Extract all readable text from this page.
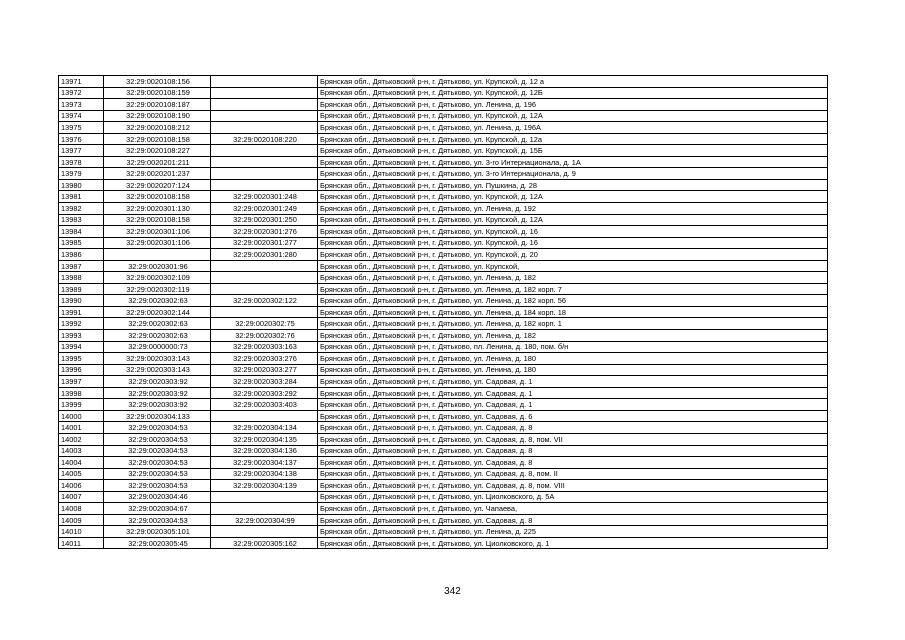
13971	32:29:0020108:156		Брянская обл., Дятьковский р-н, г. Дятьково, ул. Крупской, д. 12 а
13972	32:29:0020108:159		Брянская обл., Дятьковский р-н, г. Дятьково, ул. Крупской, д. 12Б
13973	32:29:0020108:187		Брянская обл., Дятьковский р-н, г. Дятьково, ул. Ленина, д. 196
13974	32:29:0020108:190		Брянская обл., Дятьковский р-н, г. Дятьково, ул. Крупской, д. 12А
13975	32:29:0020108:212		Брянская обл., Дятьковский р-н, г. Дятьково, ул. Ленина, д. 196А
13976	32:29:0020108:158	32:29:0020108:220	Брянская обл., Дятьковский р-н, г. Дятьково, ул. Крупской, д. 12а
13977	32:29:0020108:227		Брянская обл., Дятьковский р-н, г. Дятьково, ул. Крупской, д. 15Б
13978	32:29:0020201:211		Брянская обл., Дятьковский р-н, г. Дятьково, ул. 3-го Интернационала, д. 1А
13979	32:29:0020201:237		Брянская обл., Дятьковский р-н, г. Дятьково, ул. 3-го Интернационала, д. 9
13980	32:29:0020207:124		Брянская обл., Дятьковский р-н, г. Дятьково, ул. Пушкина, д. 28
13981	32:29:0020108:158	32:29:0020301:248	Брянская обл., Дятьковский р-н, г. Дятьково, ул. Крупской, д. 12А
13982	32:29:0020301:130	32:29:0020301:249	Брянская обл., Дятьковский р-н, г. Дятьково, ул. Ленина, д. 192
13983	32:29:0020108:158	32:29:0020301:250	Брянская обл., Дятьковский р-н, г. Дятьково, ул. Крупской, д. 12А
13984	32:29:0020301:106	32:29:0020301:276	Брянская обл., Дятьковский р-н, г. Дятьково, ул. Крупской, д. 16
13985	32:29:0020301:106	32:29:0020301:277	Брянская обл., Дятьковский р-н, г. Дятьково, ул. Крупской, д. 16
13986		32:29:0020301:280	Брянская обл., Дятьковский р-н, г. Дятьково, ул. Крупской, д. 20
13987	32:29:0020301:96		Брянская обл., Дятьковский р-н, г. Дятьково, ул. Крупской,
13988	32:29:0020302:109		Брянская обл., Дятьковский р-н, г. Дятьково, ул. Ленина, д. 182
13989	32:29:0020302:119		Брянская обл., Дятьковский р-н, г. Дятьково, ул. Ленина, д. 182 корп. 7
13990	32:29:0020302:63	32:29:0020302:122	Брянская обл., Дятьковский р-н, г. Дятьково, ул. Ленина, д. 182 корп. 56
13991	32:29:0020302:144		Брянская обл., Дятьковский р-н, г. Дятьково, ул. Ленина, д. 184 корп. 18
13992	32:29:0020302:63	32:29:0020302:75	Брянская обл., Дятьковский р-н, г. Дятьково, ул. Ленина, д. 182 корп. 1
13993	32:29:0020302:63	32:29:0020302:76	Брянская обл., Дятьковский р-н, г. Дятьково, ул. Ленина, д. 182
13994	32:29:0000000:73	32:29:0020303:163	Брянская обл., Дятьковский р-н, г. Дятьково, пл. Ленина, д. 180, пом. б/н
13995	32:29:0020303:143	32:29:0020303:276	Брянская обл., Дятьковский р-н, г. Дятьково, ул. Ленина, д. 180
13996	32:29:0020303:143	32:29:0020303:277	Брянская обл., Дятьковский р-н, г. Дятьково, ул. Ленина, д. 180
13997	32:29:0020303:92	32:29:0020303:284	Брянская обл., Дятьковский р-н, г. Дятьково, ул. Садовая, д. 1
13998	32:29:0020303:92	32:29:0020303:292	Брянская обл., Дятьковский р-н, г. Дятьково, ул. Садовая, д. 1
13999	32:29:0020303:92	32:29:0020303:403	Брянская обл., Дятьковский р-н, г. Дятьково, ул. Садовая, д. 1
14000	32:29:0020304:133		Брянская обл., Дятьковский р-н, г. Дятьково, ул. Садовая, д. 6
14001	32:29:0020304:53	32:29:0020304:134	Брянская обл., Дятьковский р-н, г. Дятьково, ул. Садовая, д. 8
14002	32:29:0020304:53	32:29:0020304:135	Брянская обл., Дятьковский р-н, г. Дятьково, ул. Садовая, д. 8, пом. VII
14003	32:29:0020304:53	32:29:0020304:136	Брянская обл., Дятьковский р-н, г. Дятьково, ул. Садовая, д. 8
14004	32:29:0020304:53	32:29:0020304:137	Брянская обл., Дятьковский р-н, г. Дятьково, ул. Садовая, д. 8
14005	32:29:0020304:53	32:29:0020304:138	Брянская обл., Дятьковский р-н, г. Дятьково, ул. Садовая, д. 8, пом. II
14006	32:29:0020304:53	32:29:0020304:139	Брянская обл., Дятьковский р-н, г. Дятьково, ул. Садовая, д. 8, пом. VIII
14007	32:29:0020304:46		Брянская обл., Дятьковский р-н, г. Дятьково, ул. Циолковского, д. 5А
14008	32:29:0020304:67		Брянская обл., Дятьковский р-н, г. Дятьково, ул. Чапаева,
14009	32:29:0020304:53	32:29:0020304:99	Брянская обл., Дятьковский р-н, г. Дятьково, ул. Садовая, д. 8
14010	32:29:0020305:101		Брянская обл., Дятьковский р-н, г. Дятьково, ул. Ленина, д. 225
14011	32:29:0020305:45	32:29:0020305:162	Брянская обл., Дятьковский р-н, г. Дятьково, ул. Циолковского, д. 1
342
